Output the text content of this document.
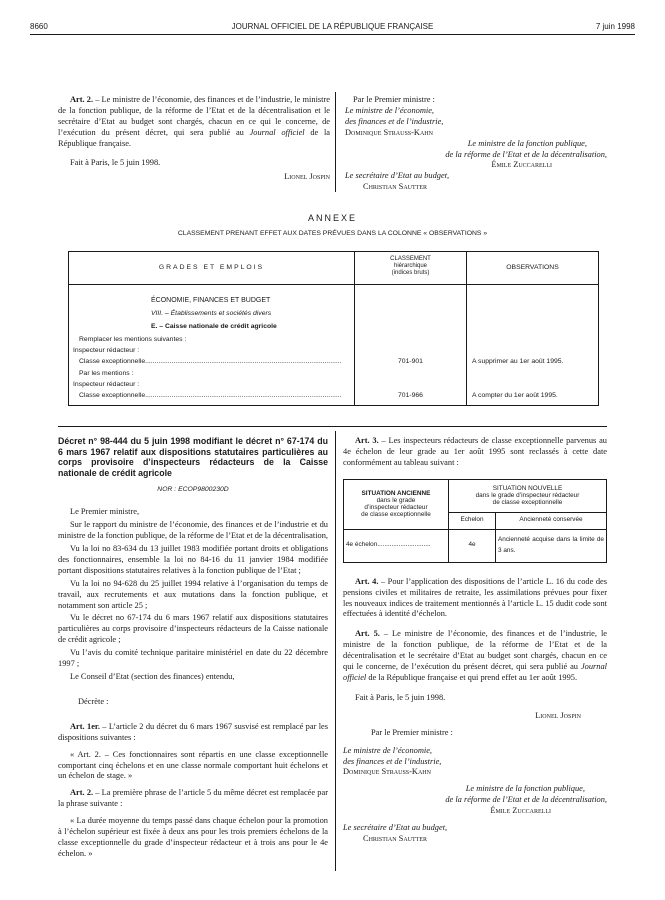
8660	JOURNAL OFFICIEL DE LA RÉPUBLIQUE FRANÇAISE	7 juin 1998

Art. 2. – Le ministre de l’économie, des finances et de l’industrie, le ministre de la fonction publique, de la réforme de l’Etat et de la décentralisation et le secrétaire d’Etat au budget sont chargés, chacun en ce qui le concerne, de l’exécution du présent décret, qui sera publié au Journal officiel de la République française.

Fait à Paris, le 5 juin 1998.

Lionel Jospin

Par le Premier ministre :
Le ministre de l’économie,
des finances et de l’industrie,
Dominique Strauss-Kahn
Le ministre de la fonction publique,
de la réforme de l’Etat et de la décentralisation,
Émile Zuccarelli
Le secrétaire d’Etat au budget,
Christian Sautter
ANNEXE
CLASSEMENT PRENANT EFFET AUX DATES PRÉVUES DANS LA COLONNE « OBSERVATIONS »
GRADES ET EMPLOIS
CLASSEMENT
hiérarchique
(indices bruts)
OBSERVATIONS
ÉCONOMIE, FINANCES ET BUDGET
VIII. – Établissements et sociétés divers
E. – Caisse nationale de crédit agricole
Remplacer les mentions suivantes :
Inspecteur rédacteur :
Classe exceptionnelle........................................................................................................	701-901	A supprimer au 1er août 1995.
Par les mentions :
Inspecteur rédacteur :
Classe exceptionnelle........................................................................................................	701-966	A compter du 1er août 1995.
Décret n° 98-444 du 5 juin 1998 modifiant le décret n° 67-174 du 6 mars 1967 relatif aux dispositions statutaires particulières au corps provisoire d’inspecteurs rédacteurs de la Caisse nationale de crédit agricole
NOR : ECOP9800230D

Le Premier ministre,

Sur le rapport du ministre de l’économie, des finances et de l’industrie et du ministre de la fonction publique, de la réforme de l’Etat et de la décentralisation,

Vu la loi no 83-634 du 13 juillet 1983 modifiée portant droits et obligations des fonctionnaires, ensemble la loi no 84-16 du 11 janvier 1984 modifiée portant dispositions statutaires relatives à la fonction publique de l’Etat ;

Vu la loi no 94-628 du 25 juillet 1994 relative à l’organisation du temps de travail, aux recrutements et aux mutations dans la fonction publique, et notamment son article 25 ;

Vu le décret no 67-174 du 6 mars 1967 relatif aux dispositions statutaires particulières au corps provisoire d’inspecteurs rédacteurs de la Caisse nationale de crédit agricole ;

Vu l’avis du comité technique paritaire ministériel en date du 22 décembre 1997 ;

Le Conseil d’Etat (section des finances) entendu,

Décrète :

Art. 1er. – L’article 2 du décret du 6 mars 1967 susvisé est remplacé par les dispositions suivantes :

« Art. 2. – Ces fonctionnaires sont répartis en une classe exceptionnelle comportant cinq échelons et en une classe normale comportant huit échelons et un échelon de stage. »

Art. 2. – La première phrase de l’article 5 du même décret est remplacée par la phrase suivante :

« La durée moyenne du temps passé dans chaque échelon pour la promotion à l’échelon supérieur est fixée à deux ans pour les trois premiers échelons de la classe exceptionnelle du grade d’inspecteur rédacteur et à trois ans pour le 4e échelon. »

Art. 3. – Les inspecteurs rédacteurs de classe exceptionnelle parvenus au 4e échelon de leur grade au 1er août 1995 sont reclassés à cette date conformément au tableau suivant :

SITUATION ANCIENNE
dans le grade
d’inspecteur rédacteur
de classe exceptionnelle	SITUATION NOUVELLE
dans le grade d’inspecteur rédacteur
de classe exceptionnelle	
	Echelon	Ancienneté conservée
4e échelon..............................	4e	Ancienneté acquise dans la limite de 3 ans.

Art. 4. – Pour l’application des dispositions de l’article L. 16 du code des pensions civiles et militaires de retraite, les assimilations prévues pour fixer les nouveaux indices de traitement mentionnés à l’article L. 15 dudit code sont effectuées à identité d’échelon.

Art. 5. – Le ministre de l’économie, des finances et de l’industrie, le ministre de la fonction publique, de la réforme de l’Etat et de la décentralisation et le secrétaire d’Etat au budget sont chargés, chacun en ce qui le concerne, de l’exécution du présent décret, qui sera publié au Journal officiel de la République française et qui prend effet au 1er août 1995.

Fait à Paris, le 5 juin 1998.

Lionel Jospin

Par le Premier ministre :
Le ministre de l’économie,
des finances et de l’industrie,
Dominique Strauss-Kahn
Le ministre de la fonction publique,
de la réforme de l’Etat et de la décentralisation,
Émile Zuccarelli
Le secrétaire d’Etat au budget,
Christian Sautter
